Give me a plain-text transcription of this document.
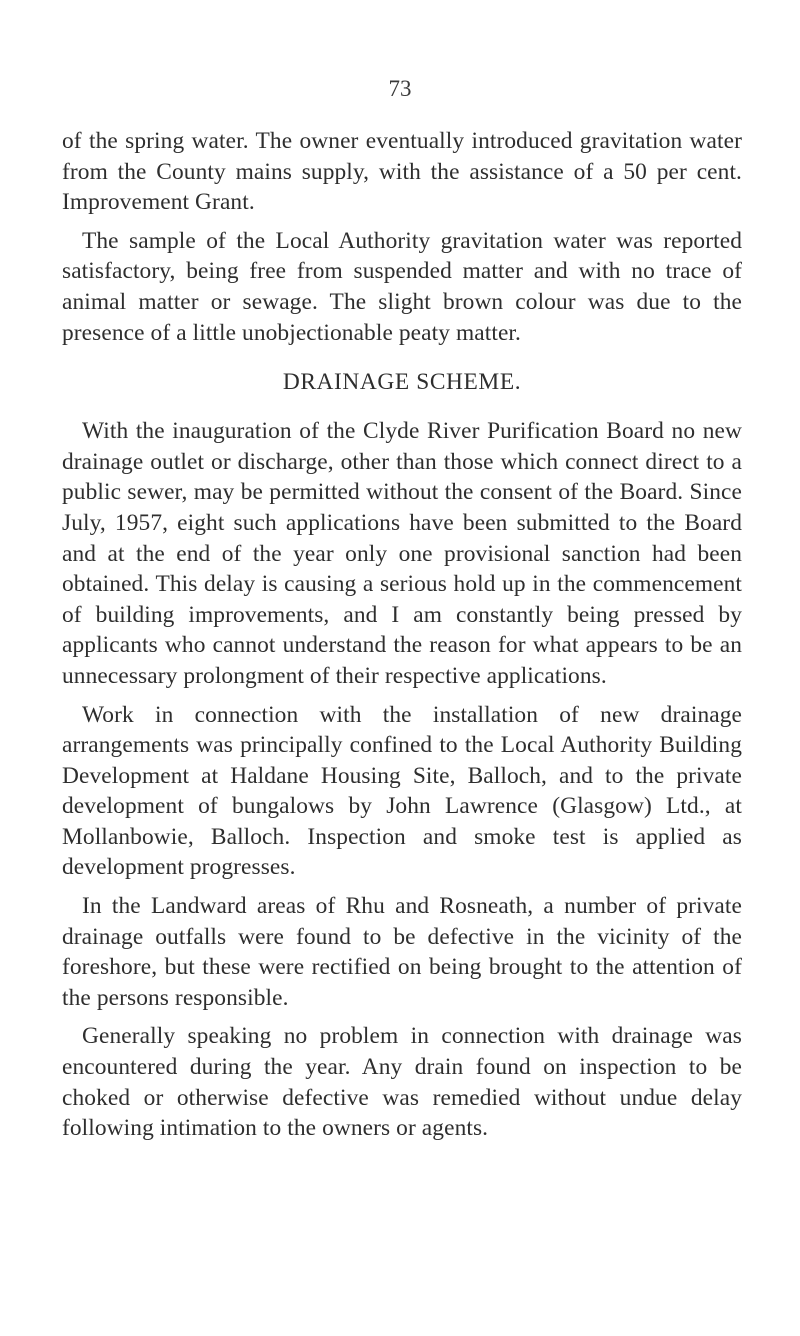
73

of the spring water. The owner eventually introduced gravitation water from the County mains supply, with the assistance of a 50 per cent. Improvement Grant.

The sample of the Local Authority gravitation water was reported satisfactory, being free from suspended matter and with no trace of animal matter or sewage. The slight brown colour was due to the presence of a little unobjectionable peaty matter.

DRAINAGE SCHEME.

With the inauguration of the Clyde River Purification Board no new drainage outlet or discharge, other than those which connect direct to a public sewer, may be permitted without the consent of the Board. Since July, 1957, eight such applications have been submitted to the Board and at the end of the year only one provisional sanction had been obtained. This delay is causing a serious hold up in the commencement of building improvements, and I am constantly being pressed by applicants who cannot understand the reason for what appears to be an unnecessary prolongment of their respective applications.

Work in connection with the installation of new drainage arrangements was principally confined to the Local Authority Building Development at Haldane Housing Site, Balloch, and to the private development of bungalows by John Lawrence (Glasgow) Ltd., at Mollanbowie, Balloch. Inspection and smoke test is applied as development progresses.

In the Landward areas of Rhu and Rosneath, a number of private drainage outfalls were found to be defective in the vicinity of the foreshore, but these were rectified on being brought to the attention of the persons responsible.

Generally speaking no problem in connection with drainage was encountered during the year. Any drain found on inspection to be choked or otherwise defective was remedied without undue delay following intimation to the owners or agents.
